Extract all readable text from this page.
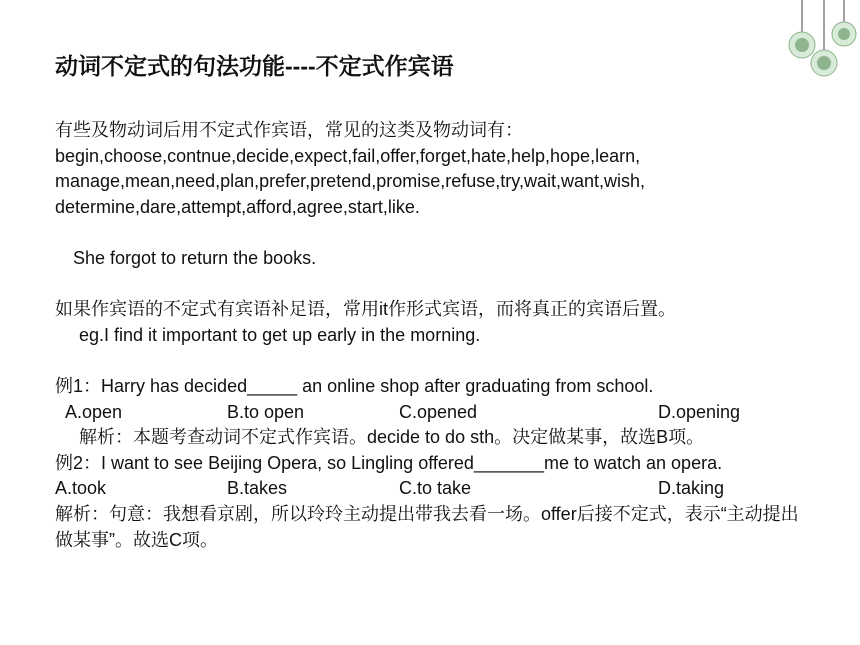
动词不定式的句法功能----不定式作宾语
有些及物动词后用不定式作宾语，常见的这类及物动词有：
begin,choose,contnue,decide,expect,fail,offer,forget,hate,help,hope,learn,
manage,mean,need,plan,prefer,pretend,promise,refuse,try,wait,want,wish,
determine,dare,attempt,afford,agree,start,like.
She forgot to return the books.
如果作宾语的不定式有宾语补足语，常用it作形式宾语，而将真正的宾语后置。
eg.I find it important to get up early in the morning.
例1：Harry has decided_____ an online shop after graduating from school.
A.open	B.to open	C.opened	D.opening
解析：本题考查动词不定式作宾语。decide to do sth。决定做某事，故选B项。
例2：I want to see Beijing Opera, so Lingling offered_______me to watch an opera.
A.took	B.takes	C.to take	D.taking
解析：句意：我想看京剧，所以玲玲主动提出带我去看一场。offer后接不定式，表示“主动提出做某事”。故选C项。
